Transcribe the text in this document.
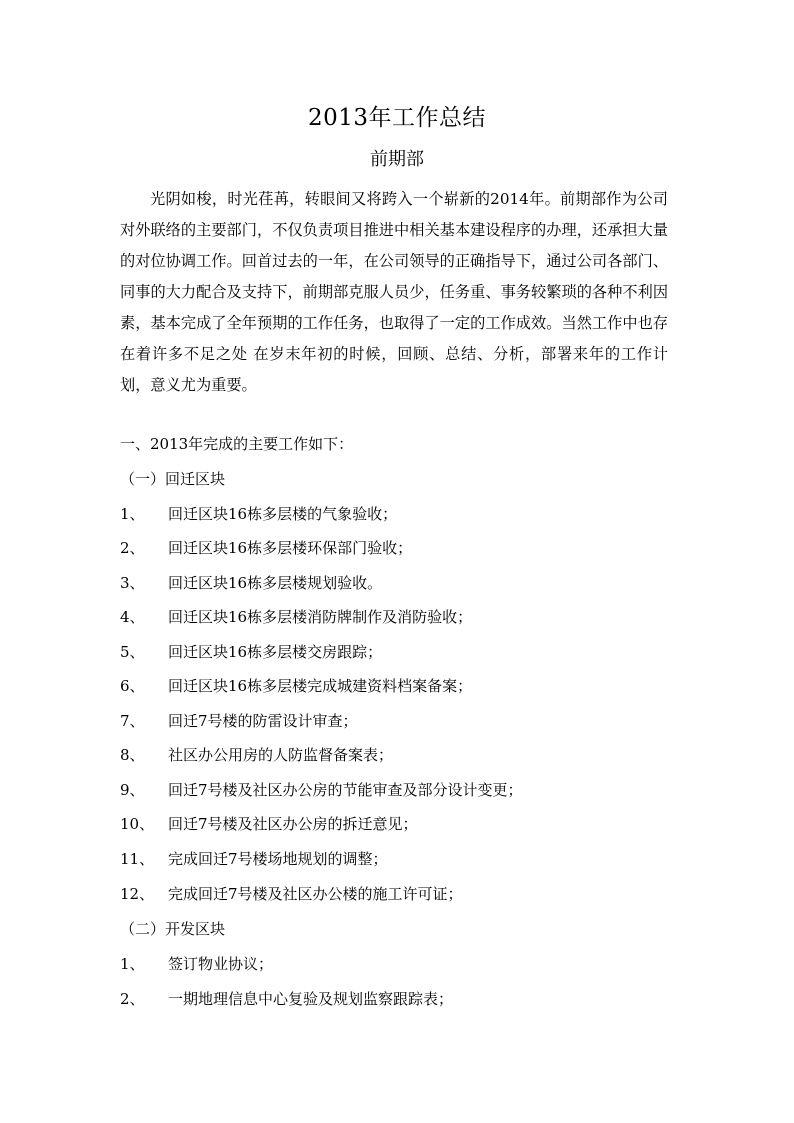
2013年工作总结
前期部
光阴如梭，时光荏苒，转眼间又将跨入一个崭新的2014年。前期部作为公司对外联络的主要部门，不仅负责项目推进中相关基本建设程序的办理，还承担大量的对位协调工作。回首过去的一年，在公司领导的正确指导下，通过公司各部门、同事的大力配合及支持下，前期部克服人员少，任务重、事务较繁琐的各种不利因素，基本完成了全年预期的工作任务，也取得了一定的工作成效。当然工作中也存在着许多不足之处 在岁末年初的时候，回顾、总结、分析，部署来年的工作计划，意义尤为重要。
一、2013年完成的主要工作如下：
（一）回迁区块
1、 回迁区块16栋多层楼的气象验收；
2、 回迁区块16栋多层楼环保部门验收；
3、 回迁区块16栋多层楼规划验收。
4、 回迁区块16栋多层楼消防牌制作及消防验收；
5、 回迁区块16栋多层楼交房跟踪；
6、 回迁区块16栋多层楼完成城建资料档案备案；
7、 回迁7号楼的防雷设计审查；
8、 社区办公用房的人防监督备案表；
9、 回迁7号楼及社区办公房的节能审查及部分设计变更；
10、 回迁7号楼及社区办公房的拆迁意见；
11、 完成回迁7号楼场地规划的调整；
12、 完成回迁7号楼及社区办公楼的施工许可证；
（二）开发区块
1、 签订物业协议；
2、 一期地理信息中心复验及规划监察跟踪表；
